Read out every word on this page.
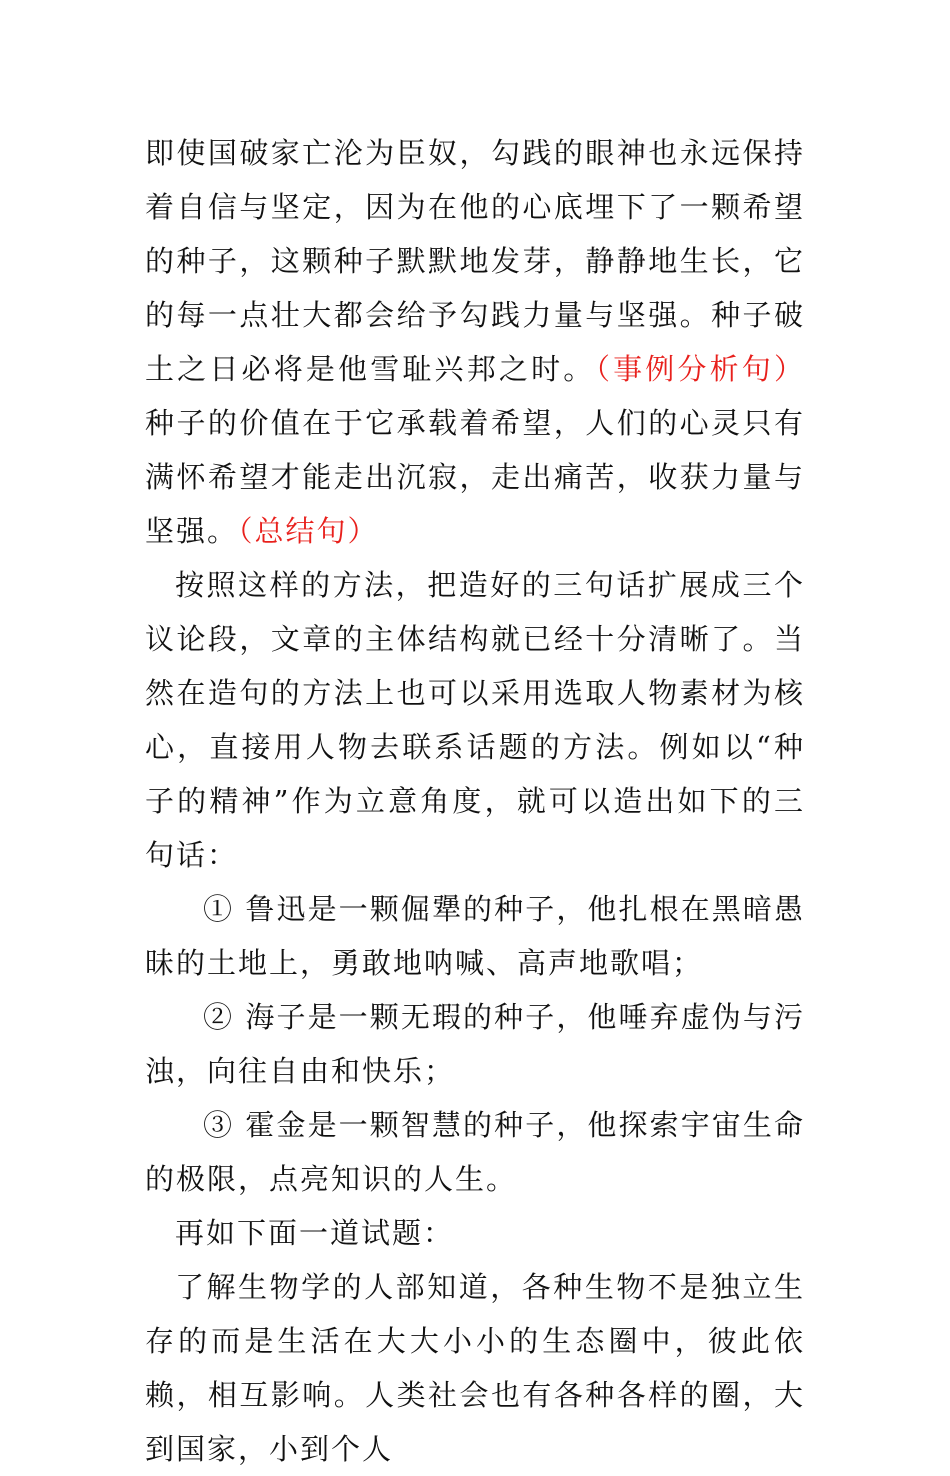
即使国破家亡沦为臣奴，勾践的眼神也永远保持着自信与坚定，因为在他的心底埋下了一颗希望的种子，这颗种子默默地发芽，静静地生长，它的每一点壮大都会给予勾践力量与坚强。种子破土之日必将是他雪耻兴邦之时。（事例分析句）种子的价值在于它承载着希望，人们的心灵只有满怀希望才能走出沉寂，走出痛苦，收获力量与坚强。（总结句）

按照这样的方法，把造好的三句话扩展成三个议论段，文章的主体结构就已经十分清晰了。当然在造句的方法上也可以采用选取人物素材为核心，直接用人物去联系话题的方法。例如以“种子的精神”作为立意角度，就可以造出如下的三句话：

① 鲁迅是一颗倔犟的种子，他扎根在黑暗愚昧的土地上，勇敢地呐喊、高声地歌唱；

② 海子是一颗无瑕的种子，他唾弃虚伪与污浊，向往自由和快乐；

③ 霍金是一颗智慧的种子，他探索宇宙生命的极限，点亮知识的人生。

再如下面一道试题：

了解生物学的人部知道，各种生物不是独立生存的而是生活在大大小小的生态圈中，彼此依赖，相互影响。人类社会也有各种各样的圈，大到国家，小到个人
